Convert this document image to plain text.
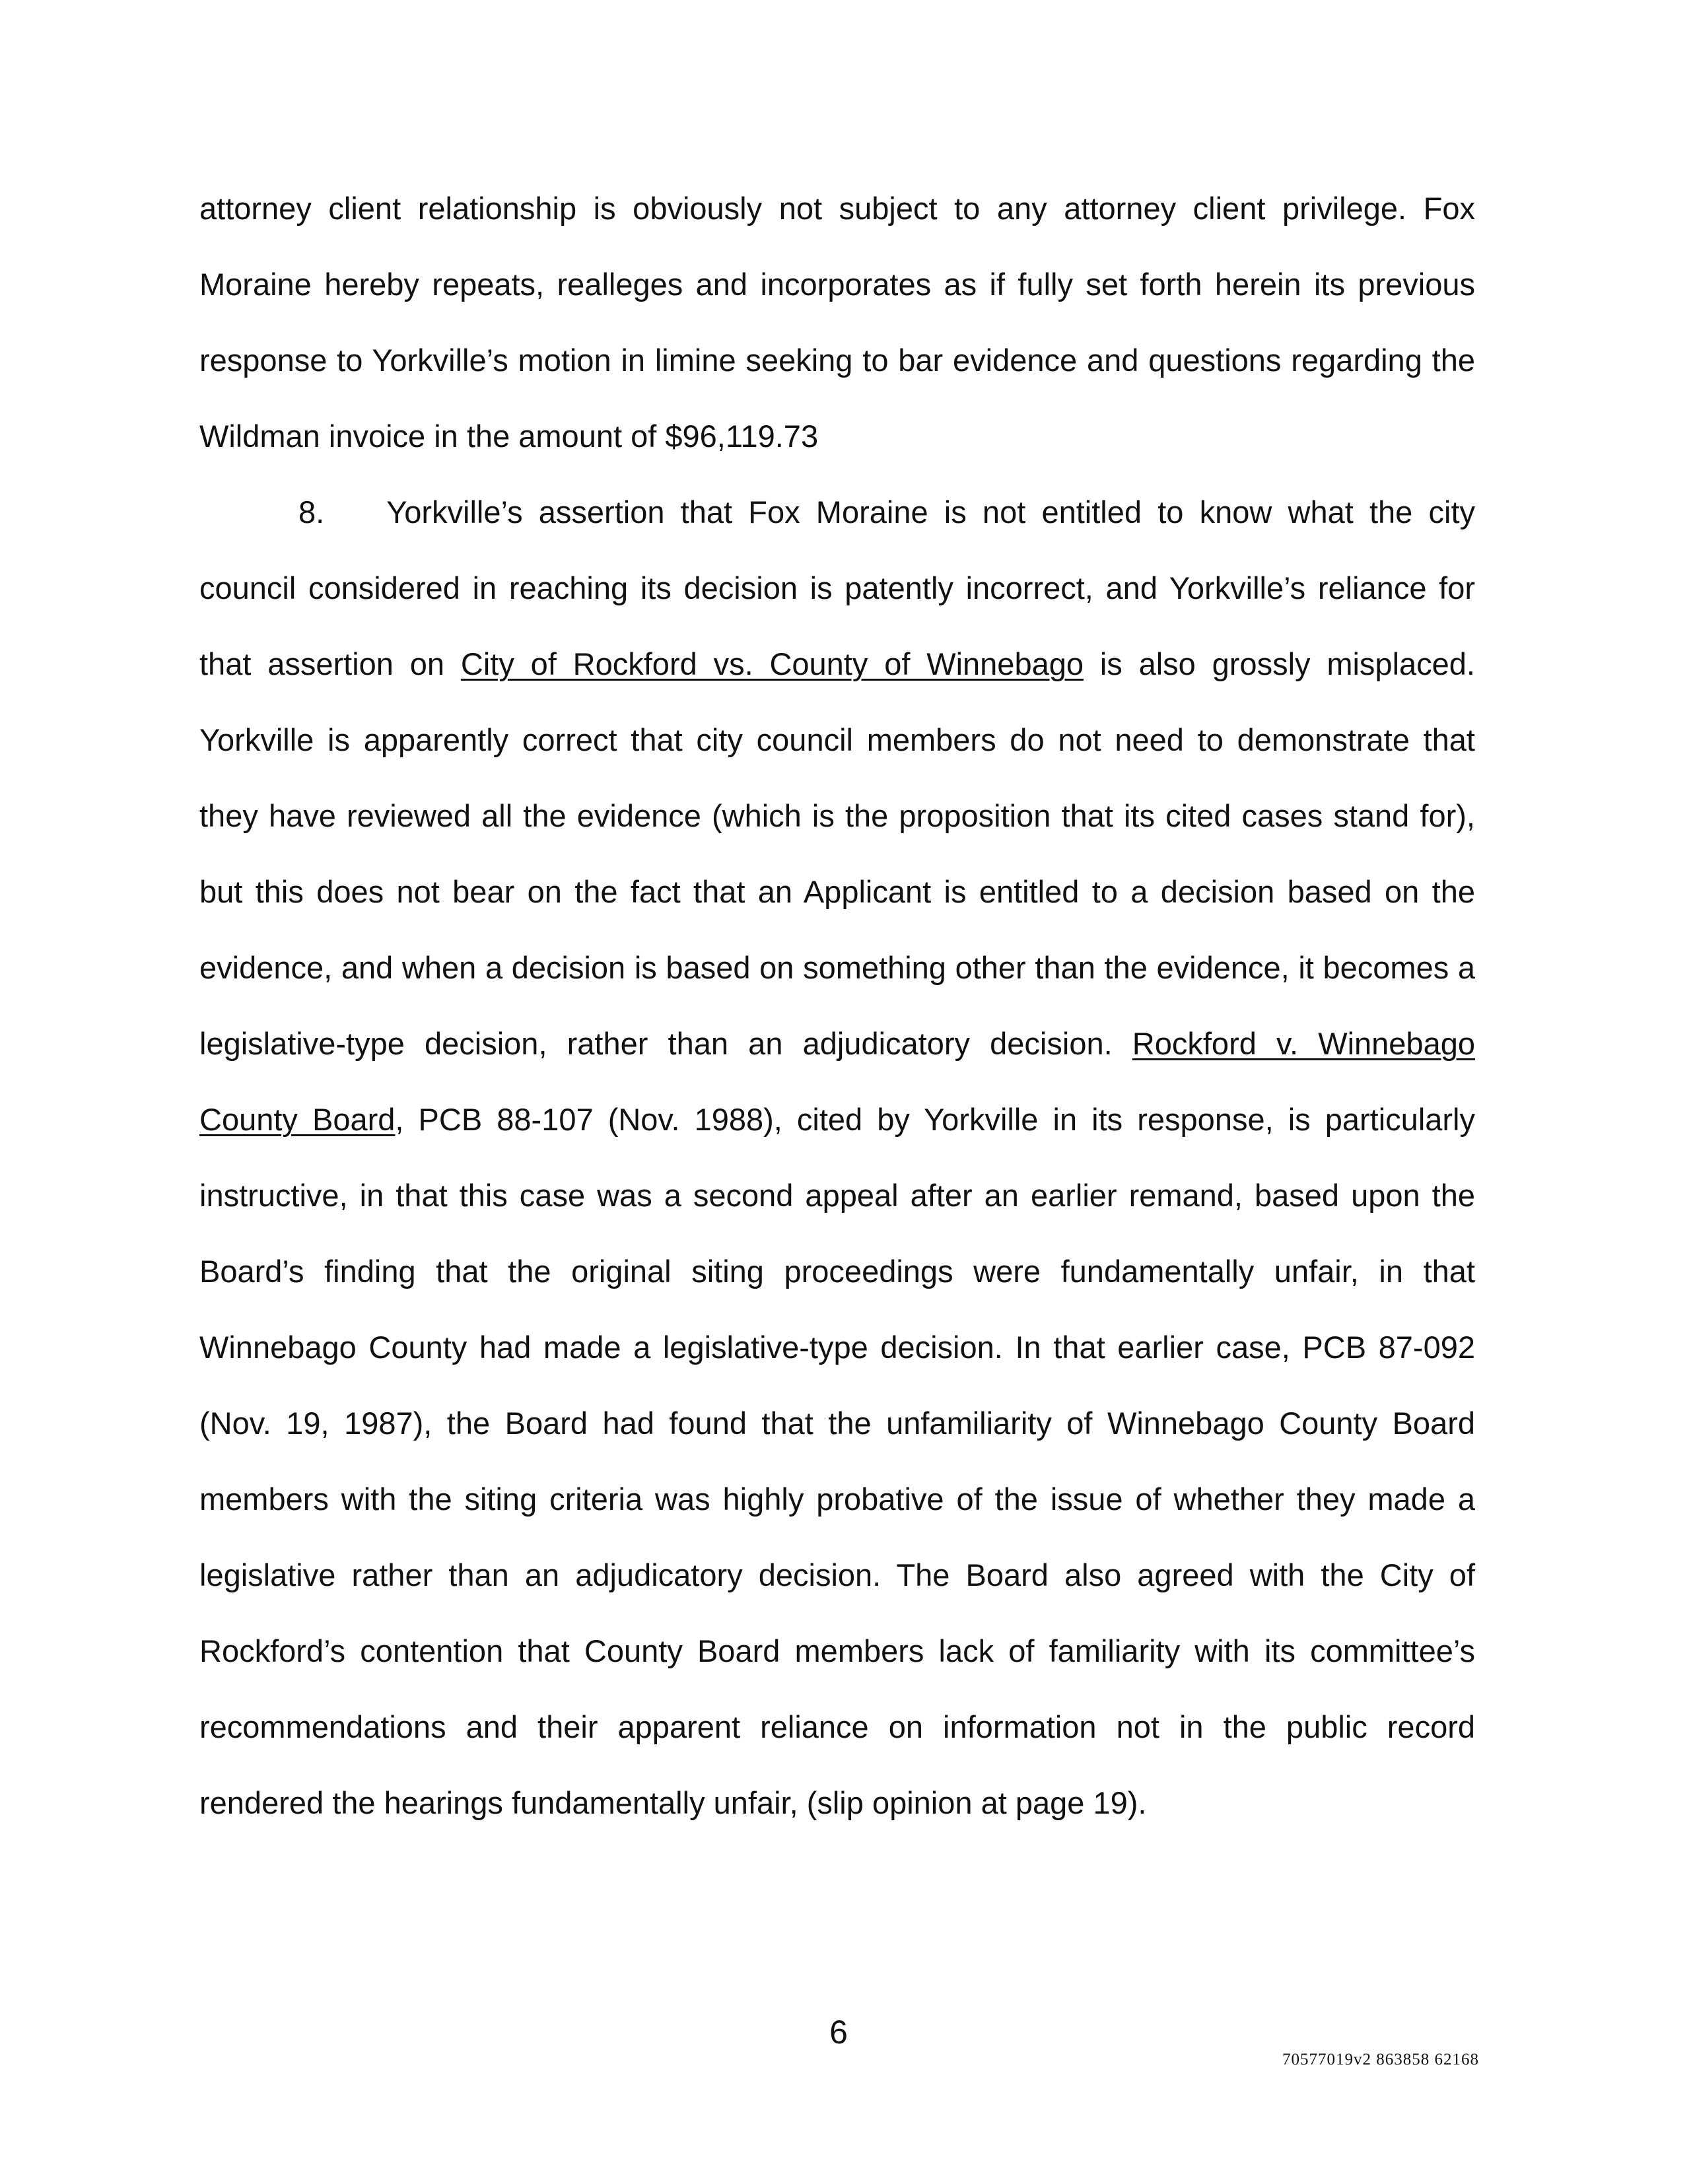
attorney client relationship is obviously not subject to any attorney client privilege. Fox Moraine hereby repeats, realleges and incorporates as if fully set forth herein its previous response to Yorkville’s motion in limine seeking to bar evidence and questions regarding the Wildman invoice in the amount of $96,119.73

8.   Yorkville’s assertion that Fox Moraine is not entitled to know what the city council considered in reaching its decision is patently incorrect, and Yorkville’s reliance for that assertion on City of Rockford vs. County of Winnebago is also grossly misplaced. Yorkville is apparently correct that city council members do not need to demonstrate that they have reviewed all the evidence (which is the proposition that its cited cases stand for), but this does not bear on the fact that an Applicant is entitled to a decision based on the evidence, and when a decision is based on something other than the evidence, it becomes a legislative-type decision, rather than an adjudicatory decision. Rockford v. Winnebago County Board, PCB 88-107 (Nov. 1988), cited by Yorkville in its response, is particularly instructive, in that this case was a second appeal after an earlier remand, based upon the Board’s finding that the original siting proceedings were fundamentally unfair, in that Winnebago County had made a legislative-type decision. In that earlier case, PCB 87-092 (Nov. 19, 1987), the Board had found that the unfamiliarity of Winnebago County Board members with the siting criteria was highly probative of the issue of whether they made a legislative rather than an adjudicatory decision. The Board also agreed with the City of Rockford’s contention that County Board members lack of familiarity with its committee’s recommendations and their apparent reliance on information not in the public record rendered the hearings fundamentally unfair, (slip opinion at page 19).

6
70577019v2 863858 62168
